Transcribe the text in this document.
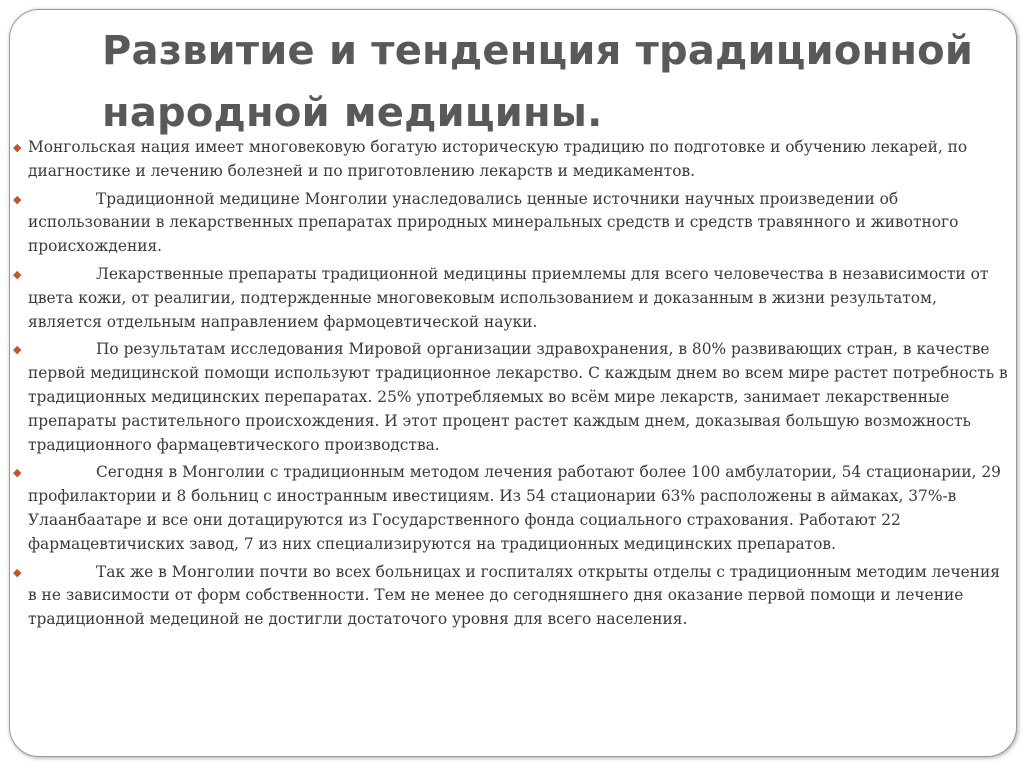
Развитие и тенденция традиционной народной медицины.

◆ Монгольская нация имеет многовековую богатую историческую традицию по подготовке и обучению лекарей, по диагностике и лечению болезней и по приготовлению лекарств и медикаментов.

◆	Традиционной медицине Монголии унаследовались ценные источники научных произведении об использовании в лекарственных препаратах природных минеральных средств и средств травянного и животного происхождения.

◆	Лекарственные препараты традиционной медицины приемлемы для всего человечества в независимости от цвета кожи, от реалигии, подтержденные многовековым использованием и доказанным в жизни результатом, является отдельным направлением фармоцевтической науки.

◆	По результатам исследования Мировой организации здравохранения, в 80% развивающих стран, в качестве первой медицинской помощи используют традиционное лекарство. С каждым днем во всем мире растет потребность в традиционных медицинских перепаратах. 25% употребляемых во всём мире лекарств, занимает лекарственные препараты растительного происхождения. И этот процент растет каждым днем, доказывая большую возможность традиционного фармацевтического производства.

◆	Сегодня в Монголии с традиционным методом лечения работают более 100 амбулатории, 54 стационарии, 29 профилактории и 8 больниц с иностранным ивестициям. Из 54 стационарии 63% расположены в аймаках, 37%-в Улаанбаатаре и все они дотацируются из Государственного фонда социального страхования. Работают 22 фармацевтичиских завод, 7 из них специализируются на традиционных медицинских препаратов.

◆	Так же в Монголии почти во всех больницах и госпиталях открыты отделы с традиционным методим лечения в не зависимости от форм собственности. Тем не менее до сегодняшнего дня оказание первой помощи и лечение традиционной медециной не достигли достаточого уровня для всего населения.
